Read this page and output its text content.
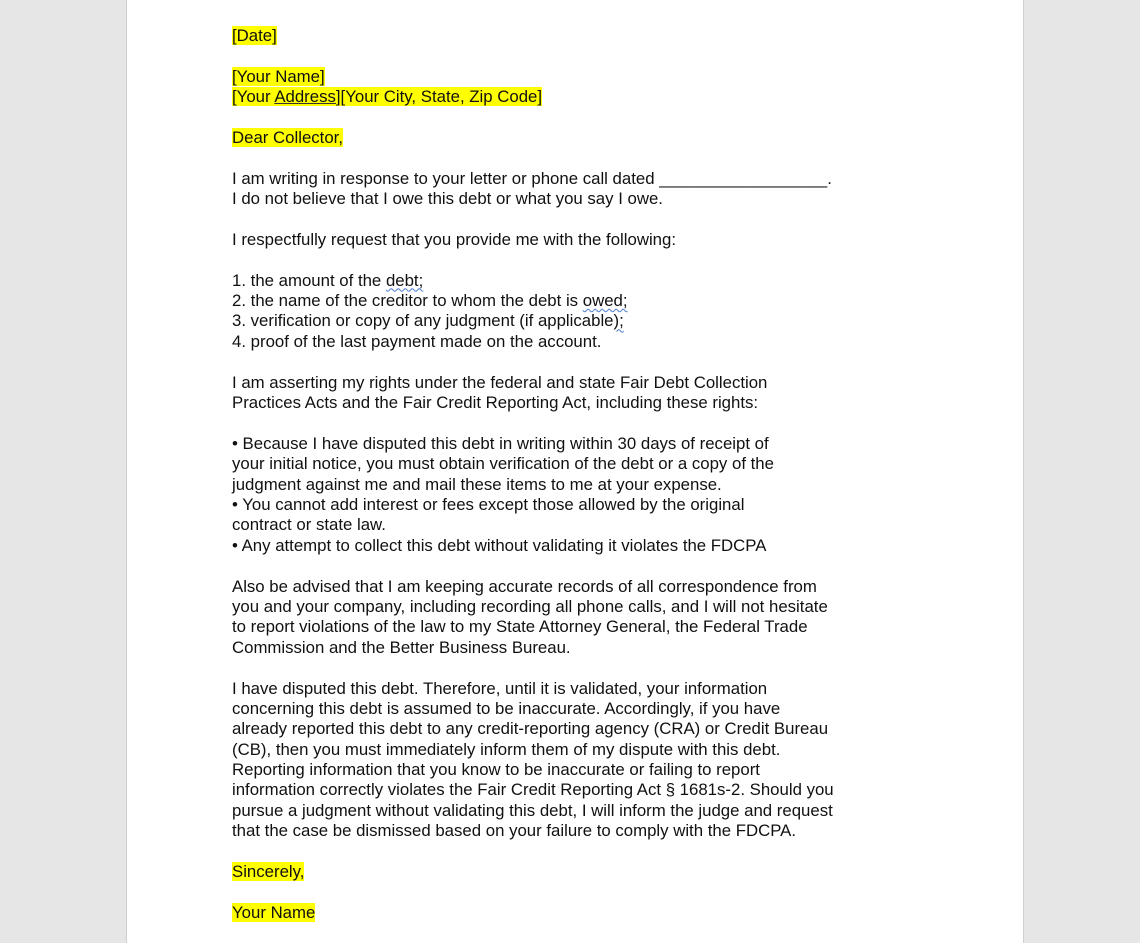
[Date]
[Your Name]
[Your Address][Your City, State, Zip Code]
Dear Collector,
I am writing in response to your letter or phone call dated __________________.
I do not believe that I owe this debt or what you say I owe.
I respectfully request that you provide me with the following:
1. the amount of the debt;
2. the name of the creditor to whom the debt is owed;
3. verification or copy of any judgment (if applicable);
4. proof of the last payment made on the account.
I am asserting my rights under the federal and state Fair Debt Collection
Practices Acts and the Fair Credit Reporting Act, including these rights:
• Because I have disputed this debt in writing within 30 days of receipt of
your initial notice, you must obtain verification of the debt or a copy of the
judgment against me and mail these items to me at your expense.
• You cannot add interest or fees except those allowed by the original
contract or state law.
• Any attempt to collect this debt without validating it violates the FDCPA
Also be advised that I am keeping accurate records of all correspondence from
you and your company, including recording all phone calls, and I will not hesitate
to report violations of the law to my State Attorney General, the Federal Trade
Commission and the Better Business Bureau.
I have disputed this debt. Therefore, until it is validated, your information
concerning this debt is assumed to be inaccurate. Accordingly, if you have
already reported this debt to any credit-reporting agency (CRA) or Credit Bureau
(CB), then you must immediately inform them of my dispute with this debt.
Reporting information that you know to be inaccurate or failing to report
information correctly violates the Fair Credit Reporting Act § 1681s-2. Should you
pursue a judgment without validating this debt, I will inform the judge and request
that the case be dismissed based on your failure to comply with the FDCPA.
Sincerely,
Your Name
